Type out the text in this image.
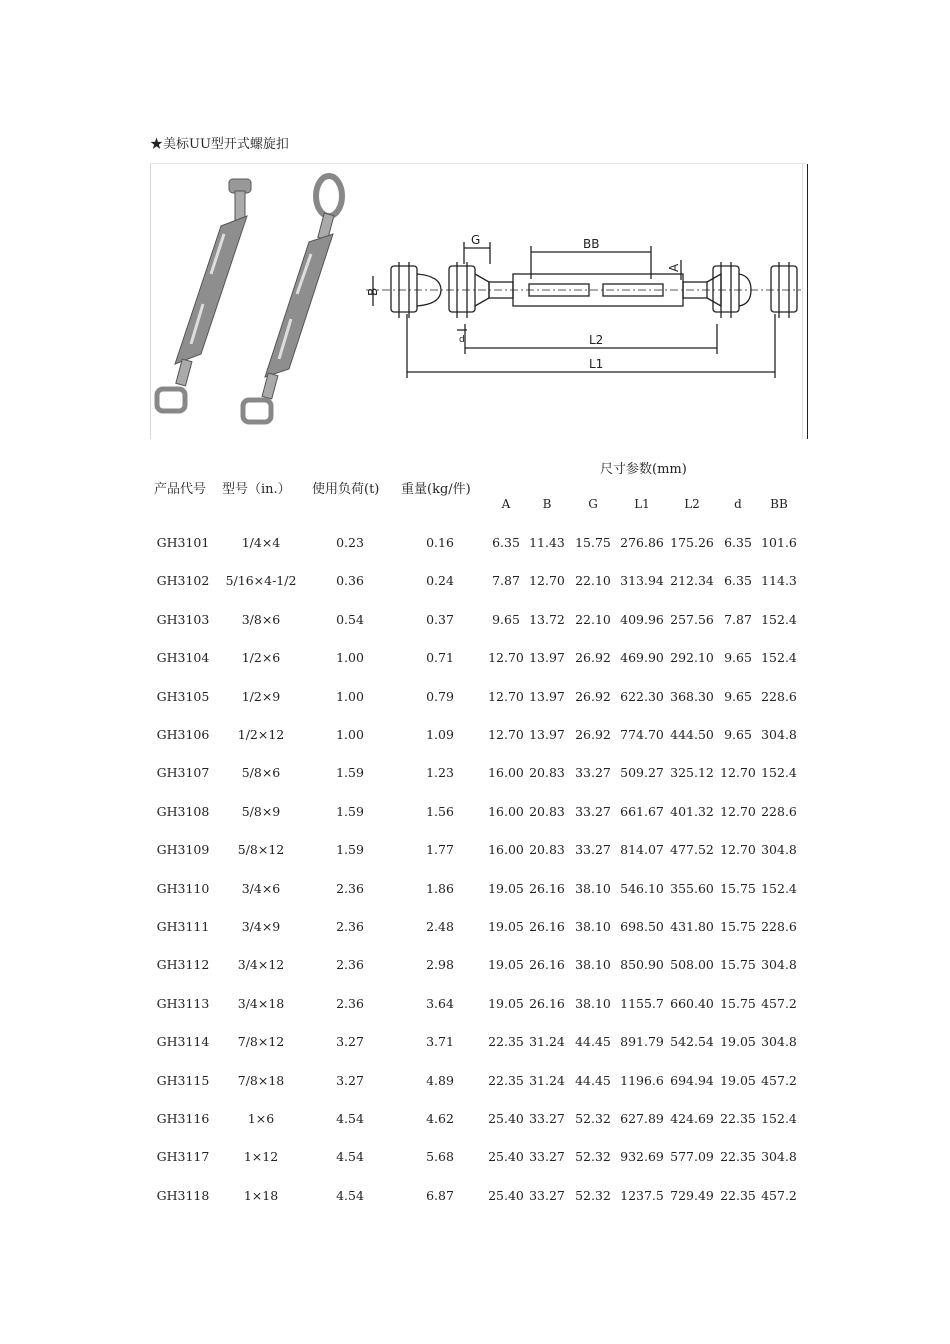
★美标UU型开式螺旋扣
G	BB
A
B
L2
L1
d
产品代号 型号（in.） 使用负荷(t) 重量(kg/件)
尺寸参数(mm)
A	B	G	L1	L2	d	BB
GH3101	1/4×4	0.23	0.16	6.35 11.43 15.75 276.86 175.26 6.35 101.6
GH3102	5/16×4-1/2	0.36	0.24	7.87 12.70 22.10 313.94 212.34 6.35 114.3
GH3103	3/8×6	0.54	0.37	9.65 13.72 22.10 409.96 257.56 7.87 152.4
GH3104	1/2×6	1.00	0.71	12.70 13.97 26.92 469.90 292.10 9.65 152.4
GH3105	1/2×9	1.00	0.79	12.70 13.97 26.92 622.30 368.30 9.65 228.6
GH3106	1/2×12	1.00	1.09	12.70 13.97 26.92 774.70 444.50 9.65 304.8
GH3107	5/8×6	1.59	1.23	16.00 20.83 33.27 509.27 325.12 12.70 152.4
GH3108	5/8×9	1.59	1.56	16.00 20.83 33.27 661.67 401.32 12.70 228.6
GH3109	5/8×12	1.59	1.77	16.00 20.83 33.27 814.07 477.52 12.70 304.8
GH3110	3/4×6	2.36	1.86	19.05 26.16 38.10 546.10 355.60 15.75 152.4
GH3111	3/4×9	2.36	2.48	19.05 26.16 38.10 698.50 431.80 15.75 228.6
GH3112	3/4×12	2.36	2.98	19.05 26.16 38.10 850.90 508.00 15.75 304.8
GH3113	3/4×18	2.36	3.64	19.05 26.16 38.10 1155.7 660.40 15.75 457.2
GH3114	7/8×12	3.27	3.71	22.35 31.24 44.45 891.79 542.54 19.05 304.8
GH3115	7/8×18	3.27	4.89	22.35 31.24 44.45 1196.6 694.94 19.05 457.2
GH3116	1×6	4.54	4.62	25.40 33.27 52.32 627.89 424.69 22.35 152.4
GH3117	1×12	4.54	5.68	25.40 33.27 52.32 932.69 577.09 22.35 304.8
GH3118	1×18	4.54	6.87	25.40 33.27 52.32 1237.5 729.49 22.35 457.2
